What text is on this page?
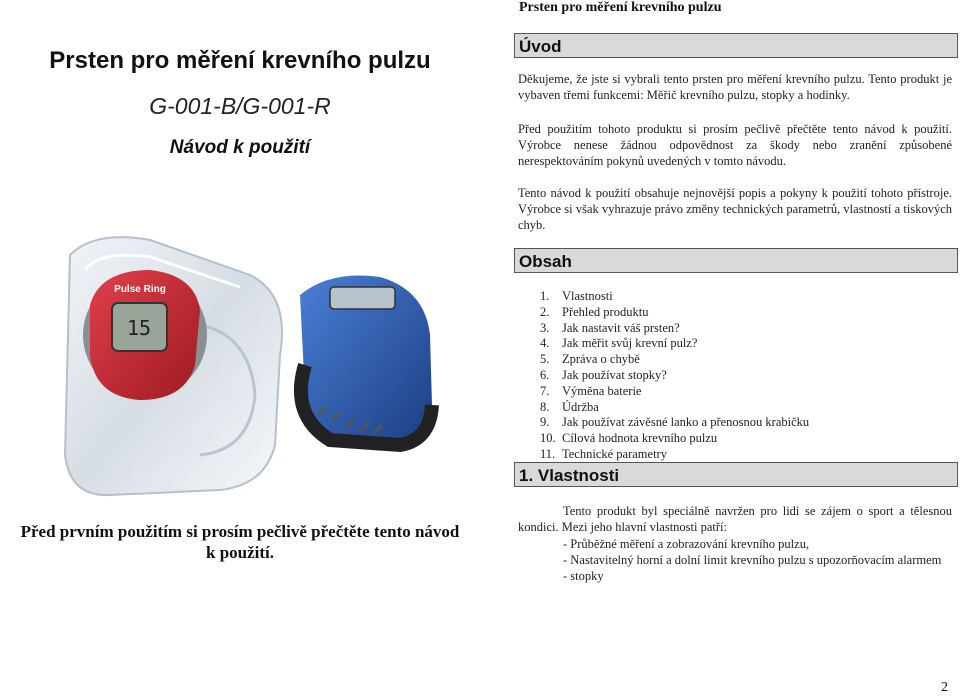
Prsten pro měření krevního pulzu
G-001-B/G-001-R
Návod k použití
15
Pulse Ring
Před prvním použitím si prosím pečlivě přečtěte tento návod k použití.
Prsten pro měření krevního pulzu
Úvod
Děkujeme, že jste si vybrali tento prsten pro měření krevního pulzu. Tento produkt je vybaven třemi funkcemi: Měřič krevního pulzu, stopky a hodinky.
Před použitím tohoto produktu si prosím pečlivě přečtěte tento návod k použití. Výrobce nenese žádnou odpovědnost za škody nebo zranění způsobené nerespektováním pokynů uvedených v tomto návodu.
Tento návod k použití obsahuje nejnovější popis a pokyny k použití tohoto přístroje. Výrobce si však vyhrazuje právo změny technických parametrů, vlastností a tiskových chyb.
Obsah
1. Vlastnosti
2. Přehled produktu
3. Jak nastavit váš prsten?
4. Jak měřit svůj krevní pulz?
5. Zpráva o chybě
6. Jak používat stopky?
7. Výměna baterie
8. Údržba
9. Jak používat závěsné lanko a přenosnou krabičku
10. Cílová hodnota krevního pulzu
11. Technické parametry
1. Vlastnosti
Tento produkt byl speciálně navržen pro lidi se zájem o sport a tělesnou kondici. Mezi jeho hlavní vlastnosti patří:
- Průběžné měření a zobrazování krevního pulzu,
- Nastavitelný horní a dolní limit krevního pulzu s upozorňovacím alarmem
- stopky
2
